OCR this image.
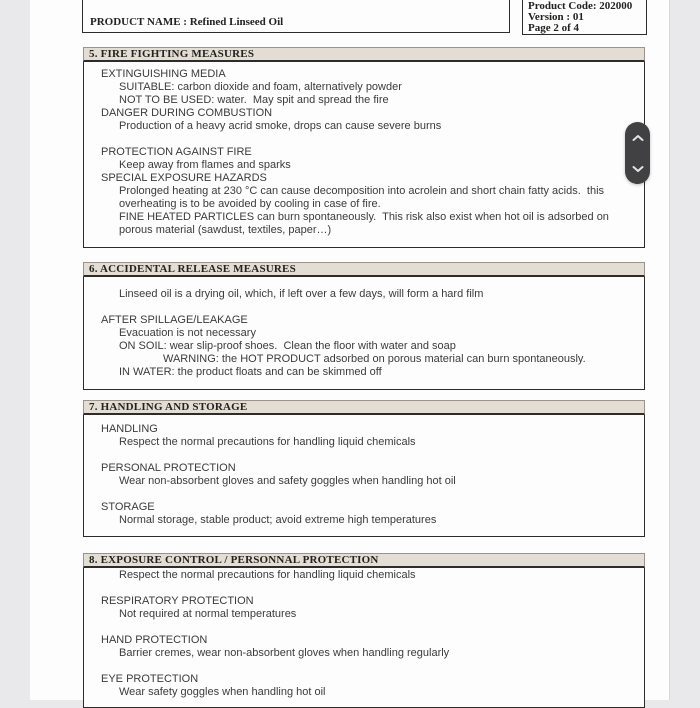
PRODUCT NAME : Refined Linseed Oil
Product Code: 202000
Version : 01
Page 2 of 4
5. FIRE FIGHTING MEASURES
EXTINGUISHING MEDIA
SUITABLE: carbon dioxide and foam, alternatively powder
NOT TO BE USED: water.  May spit and spread the fire
DANGER DURING COMBUSTION
Production of a heavy acrid smoke, drops can cause severe burns

PROTECTION AGAINST FIRE
Keep away from flames and sparks
SPECIAL EXPOSURE HAZARDS
Prolonged heating at 230 °C can cause decomposition into acrolein and short chain fatty acids.  this
overheating is to be avoided by cooling in case of fire.
FINE HEATED PARTICLES can burn spontaneously.  This risk also exist when hot oil is adsorbed on
porous material (sawdust, textiles, paper…)
6. ACCIDENTAL RELEASE MEASURES
Linseed oil is a drying oil, which, if left over a few days, will form a hard film

AFTER SPILLAGE/LEAKAGE
Evacuation is not necessary
ON SOIL: wear slip-proof shoes.  Clean the floor with water and soap
WARNING: the HOT PRODUCT adsorbed on porous material can burn spontaneously.
IN WATER: the product floats and can be skimmed off
7. HANDLING AND STORAGE
HANDLING
Respect the normal precautions for handling liquid chemicals

PERSONAL PROTECTION
Wear non-absorbent gloves and safety goggles when handling hot oil

STORAGE
Normal storage, stable product; avoid extreme high temperatures
8. EXPOSURE CONTROL / PERSONNAL PROTECTION
Respect the normal precautions for handling liquid chemicals

RESPIRATORY PROTECTION
Not required at normal temperatures

HAND PROTECTION
Barrier cremes, wear non-absorbent gloves when handling regularly

EYE PROTECTION
Wear safety goggles when handling hot oil
